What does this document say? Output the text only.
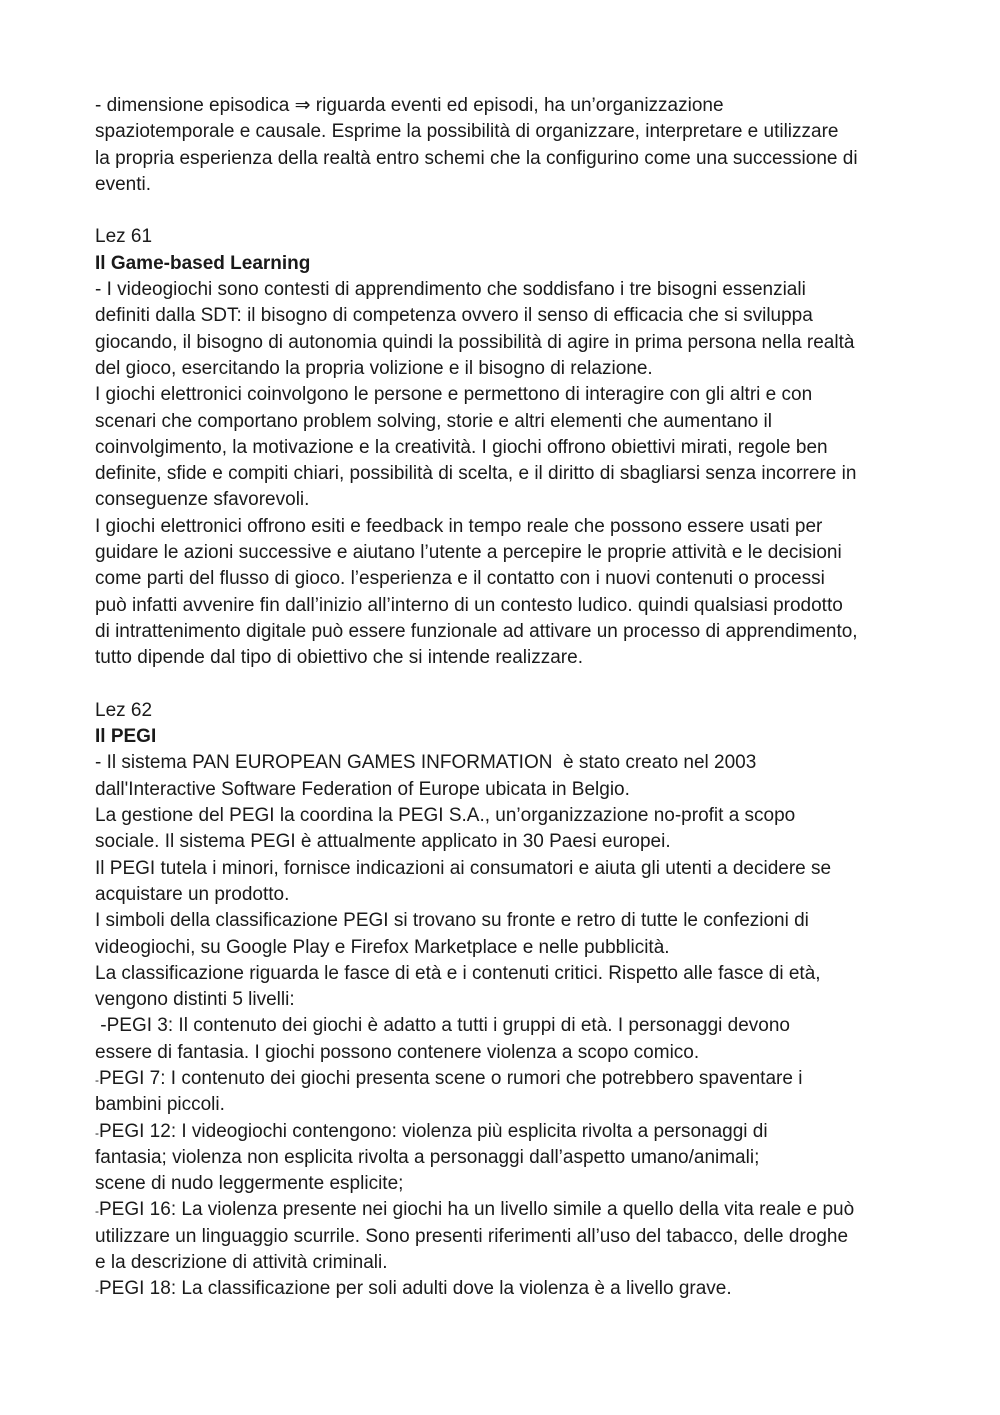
- dimensione episodica ⇒ riguarda eventi ed episodi, ha un’organizzazione
spaziotemporale e causale. Esprime la possibilità di organizzare, interpretare e utilizzare
la propria esperienza della realtà entro schemi che la configurino come una successione di
eventi.
Lez 61
Il Game-based Learning
- I videogiochi sono contesti di apprendimento che soddisfano i tre bisogni essenziali
definiti dalla SDT: il bisogno di competenza ovvero il senso di efficacia che si sviluppa
giocando, il bisogno di autonomia quindi la possibilità di agire in prima persona nella realtà
del gioco, esercitando la propria volizione e il bisogno di relazione.
I giochi elettronici coinvolgono le persone e permettono di interagire con gli altri e con
scenari che comportano problem solving, storie e altri elementi che aumentano il
coinvolgimento, la motivazione e la creatività. I giochi offrono obiettivi mirati, regole ben
definite, sfide e compiti chiari, possibilità di scelta, e il diritto di sbagliarsi senza incorrere in
conseguenze sfavorevoli.
I giochi elettronici offrono esiti e feedback in tempo reale che possono essere usati per
guidare le azioni successive e aiutano l’utente a percepire le proprie attività e le decisioni
come parti del flusso di gioco. l’esperienza e il contatto con i nuovi contenuti o processi
può infatti avvenire fin dall’inizio all’interno di un contesto ludico. quindi qualsiasi prodotto
di intrattenimento digitale può essere funzionale ad attivare un processo di apprendimento,
tutto dipende dal tipo di obiettivo che si intende realizzare.
Lez 62
Il PEGI
- Il sistema PAN EUROPEAN GAMES INFORMATION  è stato creato nel 2003
dall'Interactive Software Federation of Europe ubicata in Belgio.
La gestione del PEGI la coordina la PEGI S.A., un’organizzazione no-profit a scopo
sociale. Il sistema PEGI è attualmente applicato in 30 Paesi europei.
Il PEGI tutela i minori, fornisce indicazioni ai consumatori e aiuta gli utenti a decidere se
acquistare un prodotto.
I simboli della classificazione PEGI si trovano su fronte e retro di tutte le confezioni di
videogiochi, su Google Play e Firefox Marketplace e nelle pubblicità.
La classificazione riguarda le fasce di età e i contenuti critici. Rispetto alle fasce di età,
vengono distinti 5 livelli:
-PEGI 3: Il contenuto dei giochi è adatto a tutti i gruppi di età. I personaggi devono
essere di fantasia. I giochi possono contenere violenza a scopo comico.
-PEGI 7: I contenuto dei giochi presenta scene o rumori che potrebbero spaventare i
bambini piccoli.
-PEGI 12: I videogiochi contengono: violenza più esplicita rivolta a personaggi di
fantasia; violenza non esplicita rivolta a personaggi dall’aspetto umano/animali;
scene di nudo leggermente esplicite;
-PEGI 16: La violenza presente nei giochi ha un livello simile a quello della vita reale e può
utilizzare un linguaggio scurrile. Sono presenti riferimenti all’uso del tabacco, delle droghe
e la descrizione di attività criminali.
-PEGI 18: La classificazione per soli adulti dove la violenza è a livello grave.
